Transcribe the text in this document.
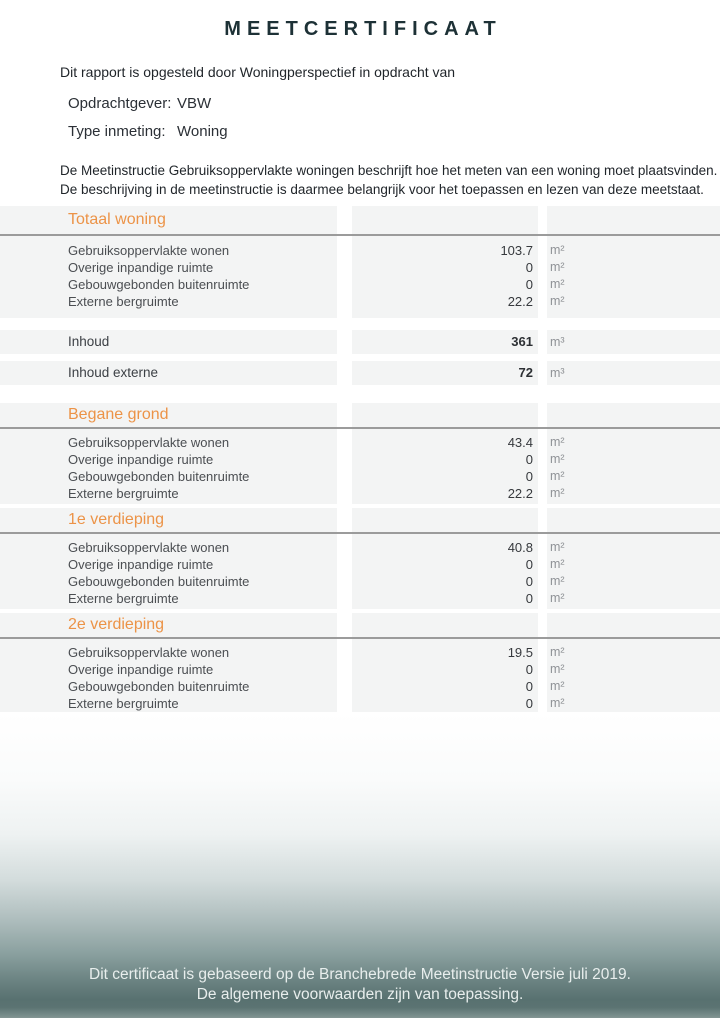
MEETCERTIFICAAT
Dit rapport is opgesteld door Woningperspectief in opdracht van
Opdrachtgever: VBW
Type inmeting: Woning
De Meetinstructie Gebruiksoppervlakte woningen beschrijft hoe het meten van een woning moet plaatsvinden.
De beschrijving in de meetinstructie is daarmee belangrijk voor het toepassen en lezen van deze meetstaat.
Totaal woning
Gebruiksoppervlakte wonen	103.7	m²
Overige inpandige ruimte	0	m²
Gebouwgebonden buitenruimte	0	m²
Externe bergruimte	22.2	m²
Inhoud	361	m³
Inhoud externe	72	m³
Begane grond
Gebruiksoppervlakte wonen	43.4	m²
Overige inpandige ruimte	0	m²
Gebouwgebonden buitenruimte	0	m²
Externe bergruimte	22.2	m²
1e verdieping
Gebruiksoppervlakte wonen	40.8	m²
Overige inpandige ruimte	0	m²
Gebouwgebonden buitenruimte	0	m²
Externe bergruimte	0	m²
2e verdieping
Gebruiksoppervlakte wonen	19.5	m²
Overige inpandige ruimte	0	m²
Gebouwgebonden buitenruimte	0	m²
Externe bergruimte	0	m²
Dit certificaat is gebaseerd op de Branchebrede Meetinstructie Versie juli 2019.
De algemene voorwaarden zijn van toepassing.
